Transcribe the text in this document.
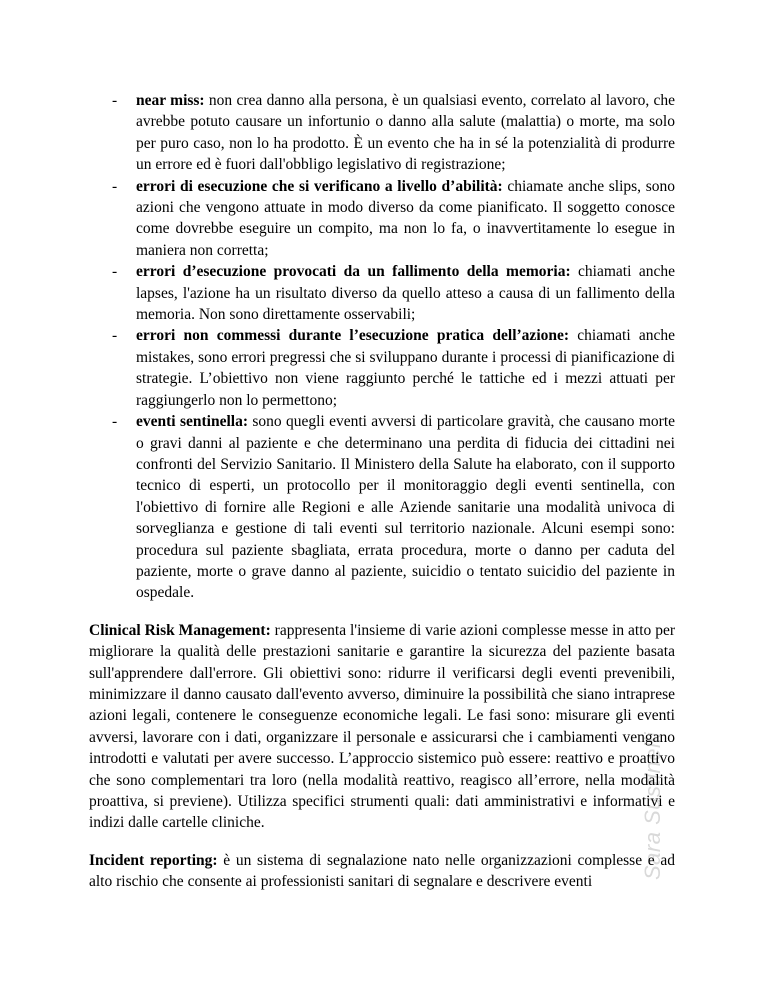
Sara Sustinelli
- near miss: non crea danno alla persona, è un qualsiasi evento, correlato al lavoro, che avrebbe potuto causare un infortunio o danno alla salute (malattia) o morte, ma solo per puro caso, non lo ha prodotto. È un evento che ha in sé la potenzialità di produrre un errore ed è fuori dall'obbligo legislativo di registrazione;
- errori di esecuzione che si verificano a livello d’abilità: chiamate anche slips, sono azioni che vengono attuate in modo diverso da come pianificato. Il soggetto conosce come dovrebbe eseguire un compito, ma non lo fa, o inavvertitamente lo esegue in maniera non corretta;
- errori d’esecuzione provocati da un fallimento della memoria: chiamati anche lapses, l'azione ha un risultato diverso da quello atteso a causa di un fallimento della memoria. Non sono direttamente osservabili;
- errori non commessi durante l’esecuzione pratica dell’azione: chiamati anche mistakes, sono errori pregressi che si sviluppano durante i processi di pianificazione di strategie. L’obiettivo non viene raggiunto perché le tattiche ed i mezzi attuati per raggiungerlo non lo permettono;
- eventi sentinella: sono quegli eventi avversi di particolare gravità, che causano morte o gravi danni al paziente e che determinano una perdita di fiducia dei cittadini nei confronti del Servizio Sanitario. Il Ministero della Salute ha elaborato, con il supporto tecnico di esperti, un protocollo per il monitoraggio degli eventi sentinella, con l'obiettivo di fornire alle Regioni e alle Aziende sanitarie una modalità univoca di sorveglianza e gestione di tali eventi sul territorio nazionale. Alcuni esempi sono: procedura sul paziente sbagliata, errata procedura, morte o danno per caduta del paziente, morte o grave danno al paziente, suicidio o tentato suicidio del paziente in ospedale.

Clinical Risk Management: rappresenta l'insieme di varie azioni complesse messe in atto per migliorare la qualità delle prestazioni sanitarie e garantire la sicurezza del paziente basata sull'apprendere dall'errore. Gli obiettivi sono: ridurre il verificarsi degli eventi prevenibili, minimizzare il danno causato dall'evento avverso, diminuire la possibilità che siano intraprese azioni legali, contenere le conseguenze economiche legali. Le fasi sono: misurare gli eventi avversi, lavorare con i dati, organizzare il personale e assicurarsi che i cambiamenti vengano introdotti e valutati per avere successo. L’approccio sistemico può essere: reattivo e proattivo che sono complementari tra loro (nella modalità reattivo, reagisco all’errore, nella modalità proattiva, si previene). Utilizza specifici strumenti quali: dati amministrativi e informativi e indizi dalle cartelle cliniche.

Incident reporting: è un sistema di segnalazione nato nelle organizzazioni complesse e ad alto rischio che consente ai professionisti sanitari di segnalare e descrivere eventi
